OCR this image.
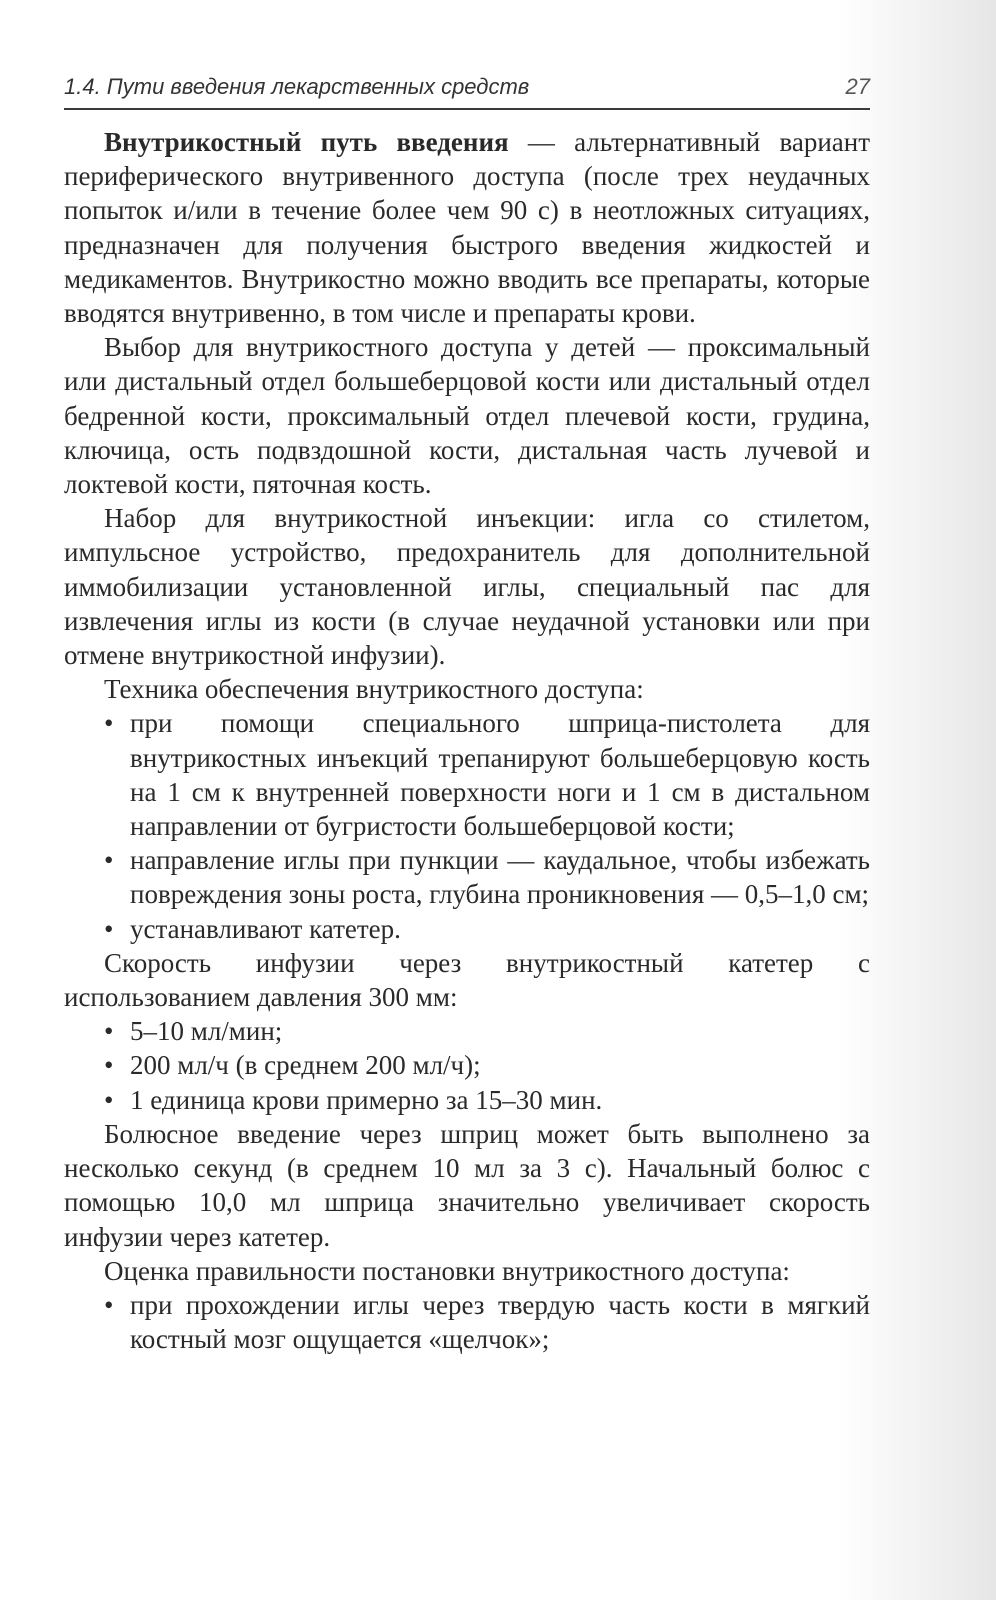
1.4. Пути введения лекарственных средств	27

Внутрикостный путь введения — альтернативный вариант периферического внутривенного доступа (после трех неудачных попыток и/или в течение более чем 90 с) в неотложных ситуациях, предназначен для получения быстрого введения жидкостей и медикаментов. Внутрикостно можно вводить все препараты, которые вводятся внутривенно, в том числе и препараты крови.

Выбор для внутрикостного доступа у детей — проксимальный или дистальный отдел большеберцовой кости или дистальный отдел бедренной кости, проксимальный отдел плечевой кости, грудина, ключица, ость подвздошной кости, дистальная часть лучевой и локтевой кости, пяточная кость.

Набор для внутрикостной инъекции: игла со стилетом, импульсное устройство, предохранитель для дополнительной иммобилизации установленной иглы, специальный пас для извлечения иглы из кости (в случае неудачной установки или при отмене внутрикостной инфузии).

Техника обеспечения внутрикостного доступа:

• при помощи специального шприца-пистолета для внутрикостных инъекций трепанируют большеберцовую кость на 1 см к внутренней поверхности ноги и 1 см в дистальном направлении от бугристости большеберцовой кости;
• направление иглы при пункции — каудальное, чтобы избежать повреждения зоны роста, глубина проникновения — 0,5–1,0 см;
• устанавливают катетер.

Скорость инфузии через внутрикостный катетер с использованием давления 300 мм:

• 5–10 мл/мин;
• 200 мл/ч (в среднем 200 мл/ч);
• 1 единица крови примерно за 15–30 мин.

Болюсное введение через шприц может быть выполнено за несколько секунд (в среднем 10 мл за 3 с). Начальный болюс с помощью 10,0 мл шприца значительно увеличивает скорость инфузии через катетер.

Оценка правильности постановки внутрикостного доступа:

• при прохождении иглы через твердую часть кости в мягкий костный мозг ощущается «щелчок»;
